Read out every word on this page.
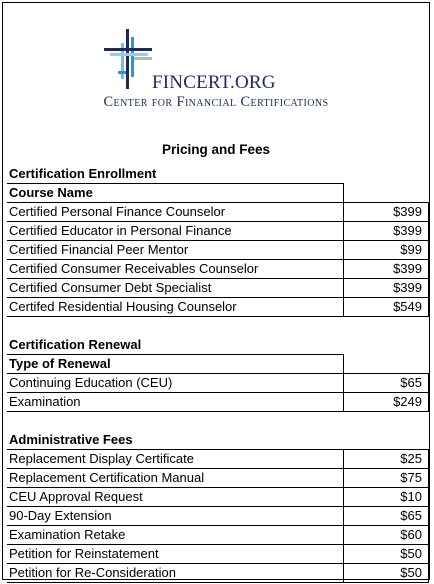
FINCERT.ORG
Center for Financial Certifications
Pricing and Fees
Certification Enrollment	
Course Name	
Certified Personal Finance Counselor	$399
Certified Educator in Personal Finance	$399
Certified Financial Peer Mentor	$99
Certified Consumer Receivables Counselor	$399
Certified Consumer Debt Specialist	$399
Certifed Residential Housing Counselor	$549

Certification Renewal	
Type of Renewal	
Continuing Education (CEU)	$65
Examination	$249

Administrative Fees	
Replacement Display Certificate	$25
Replacement Certification Manual	$75
CEU Approval Request	$10
90-Day Extension	$65
Examination Retake	$60
Petition for Reinstatement	$50
Petition for Re-Consideration	$50
